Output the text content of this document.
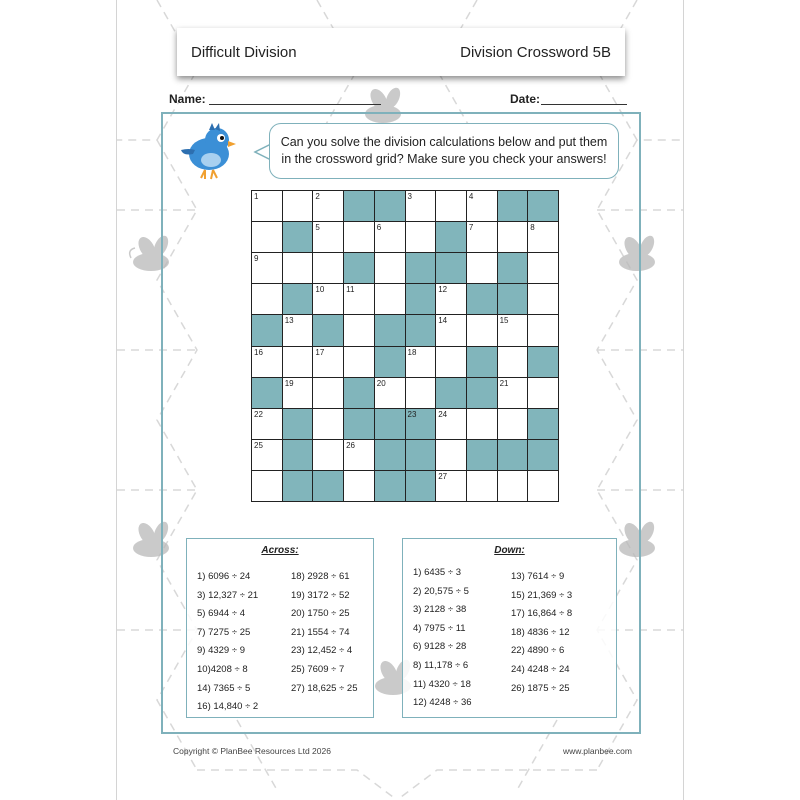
Difficult Division	Division Crossword 5B
Name:	Date:
Can you solve the division calculations below and put them in the crossword grid? Make sure you check your answers!
1	2	3	4
5	6	7	8
9
10	11	12
13	14	15
16	17	18
19	20	21
22	23	24
25	26
27
Across:
1) 6096 ÷ 24
3) 12,327 ÷ 21
5) 6944 ÷ 4
7) 7275 ÷ 25
9) 4329 ÷ 9
10)4208 ÷ 8
14) 7365 ÷ 5
16) 14,840 ÷ 2
18) 2928 ÷ 61
19) 3172 ÷ 52
20) 1750 ÷ 25
21) 1554 ÷ 74
23) 12,452 ÷ 4
25) 7609 ÷ 7
27) 18,625 ÷ 25
Down:
1) 6435 ÷ 3
2) 20,575 ÷ 5
3) 2128 ÷ 38
4) 7975 ÷ 11
6) 9128 ÷ 28
8) 11,178 ÷ 6
11) 4320 ÷ 18
12) 4248 ÷ 36
13) 7614 ÷ 9
15) 21,369 ÷ 3
17) 16,864 ÷ 8
18) 4836 ÷ 12
22) 4890 ÷ 6
24) 4248 ÷ 24
26) 1875 ÷ 25
Copyright © PlanBee Resources Ltd 2026	www.planbee.com
